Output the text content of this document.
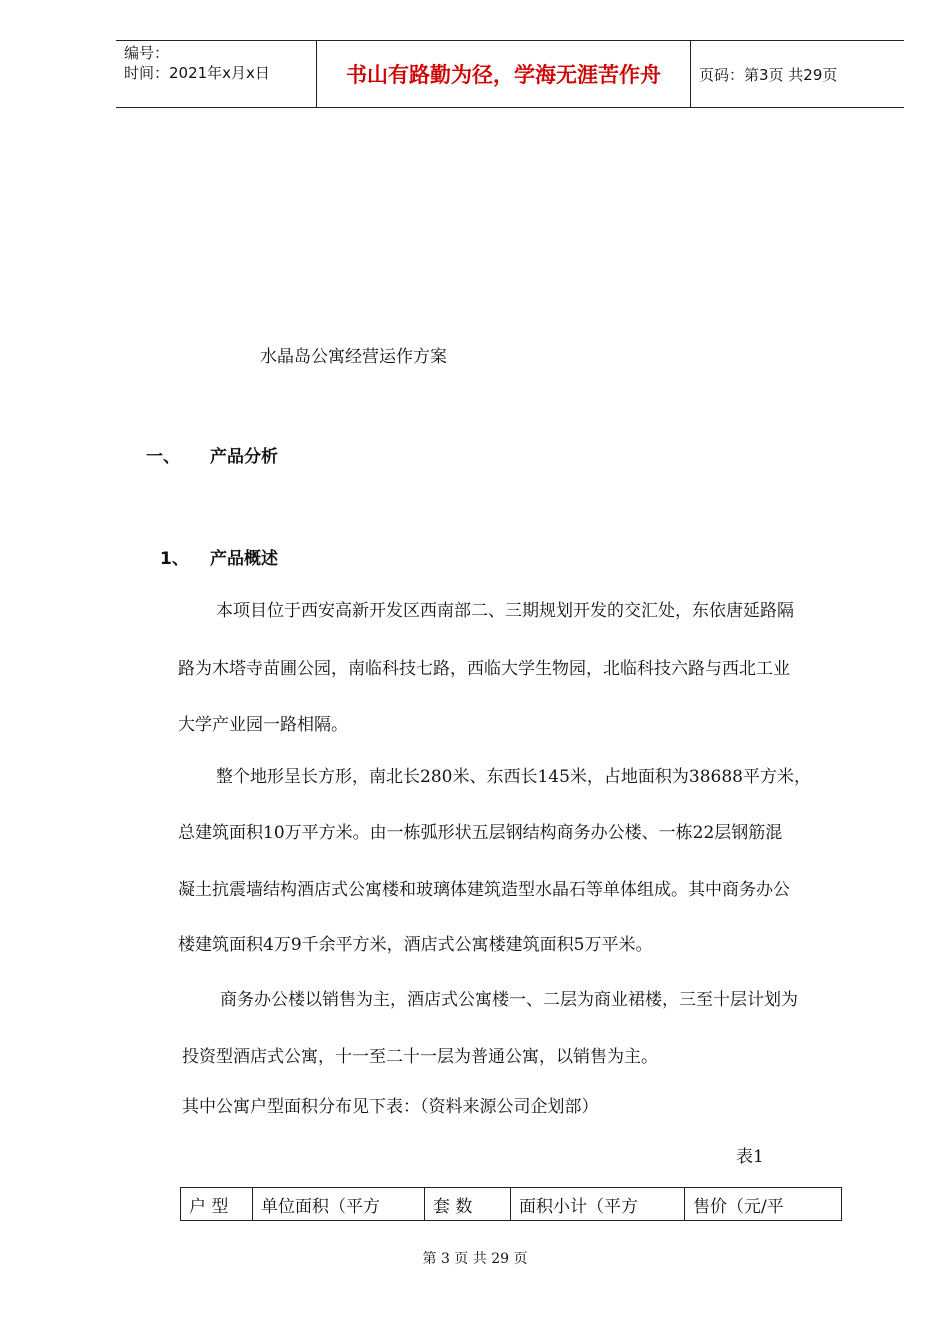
编号：
时间：2021年x月x日	书山有路勤为径，学海无涯苦作舟	页码：第3页 共29页
水晶岛公寓经营运作方案
一、 产品分析
1、 产品概述
本项目位于西安高新开发区西南部二、三期规划开发的交汇处，东依唐延路隔
路为木塔寺苗圃公园，南临科技七路，西临大学生物园，北临科技六路与西北工业
大学产业园一路相隔。
整个地形呈长方形，南北长280米、东西长145米，占地面积为38688平方米，
总建筑面积10万平方米。由一栋弧形状五层钢结构商务办公楼、一栋22层钢筋混
凝土抗震墙结构酒店式公寓楼和玻璃体建筑造型水晶石等单体组成。其中商务办公
楼建筑面积4万9千余平方米，酒店式公寓楼建筑面积5万平米。
商务办公楼以销售为主，酒店式公寓楼一、二层为商业裙楼，三至十层计划为
投资型酒店式公寓，十一至二十一层为普通公寓，以销售为主。
其中公寓户型面积分布见下表：（资料来源公司企划部）
表1
户 型	单位面积（平方	套 数	面积小计（平方	售价（元/平
第 3 页 共 29 页
